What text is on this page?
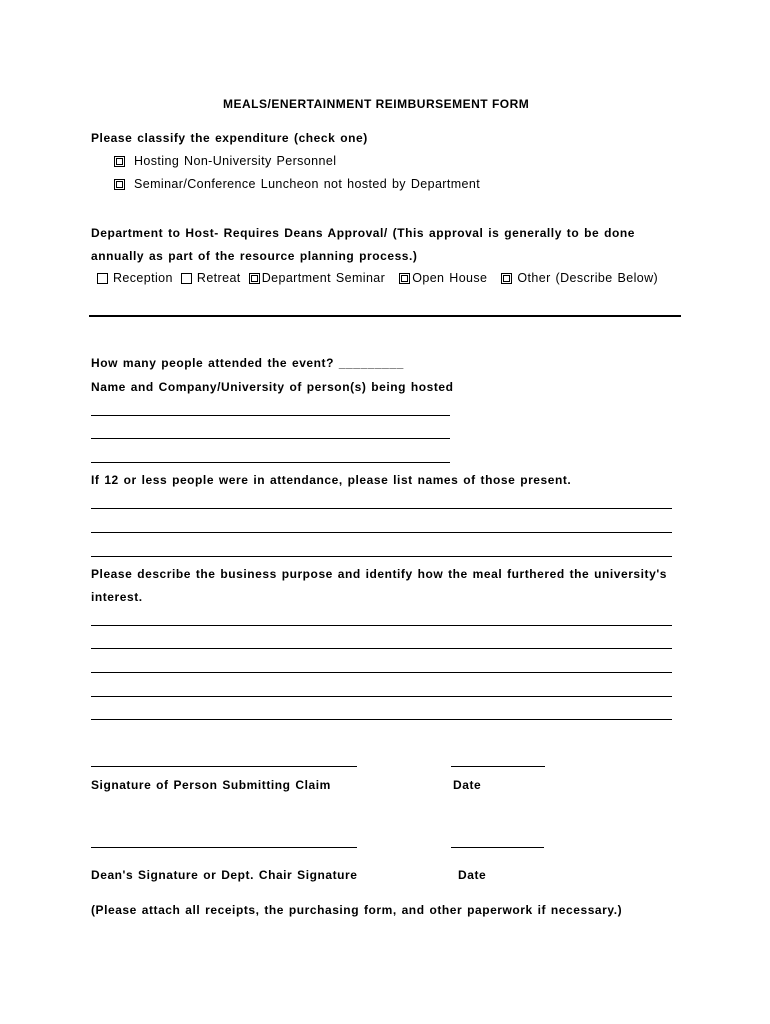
MEALS/ENERTAINMENT REIMBURSEMENT FORM
Please classify the expenditure (check one)
Hosting Non-University Personnel
Seminar/Conference Luncheon not hosted by Department
Department to Host- Requires Deans Approval/ (This approval is generally to be done
annually as part of the resource planning process.)
Reception Retreat Department Seminar Open House Other (Describe Below)
How many people attended the event? _________
Name and Company/University of person(s) being hosted
If 12 or less people were in attendance, please list names of those present.
Please describe the business purpose and identify how the meal furthered the university's
interest.
Signature of Person Submitting Claim	Date
Dean's Signature or Dept. Chair Signature	Date
(Please attach all receipts, the purchasing form, and other paperwork if necessary.)
